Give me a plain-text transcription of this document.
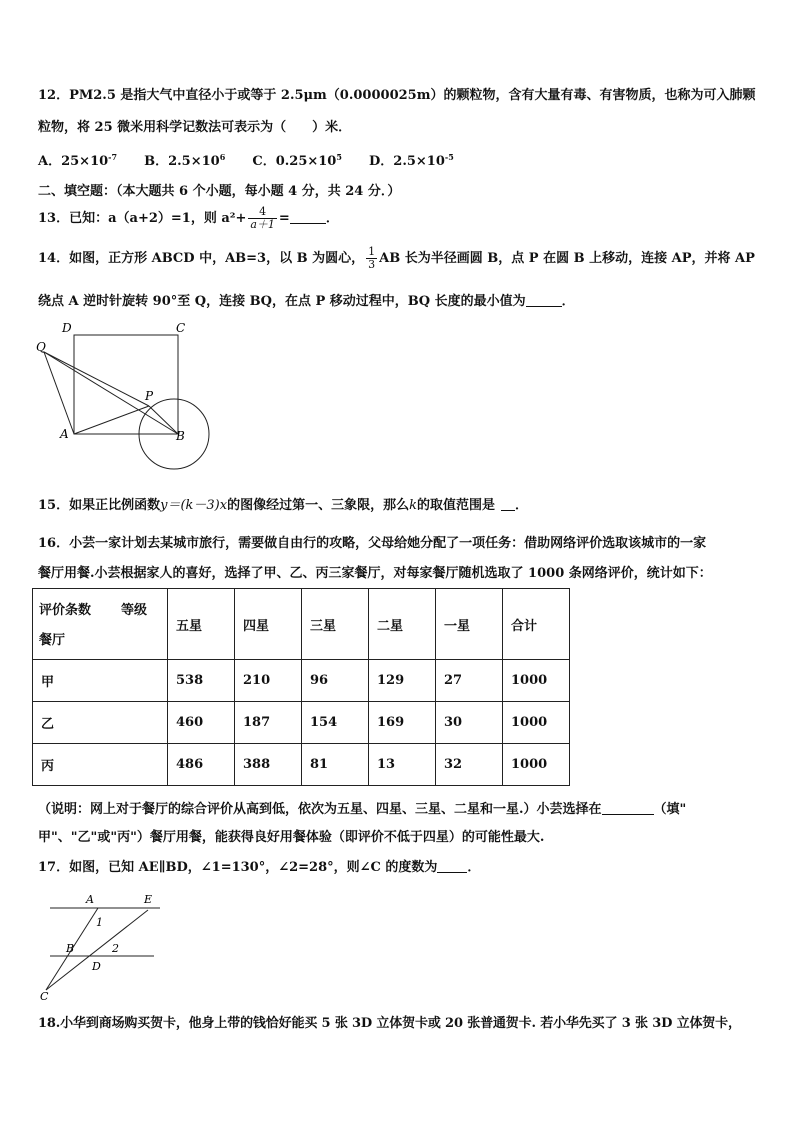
12．PM2.5 是指大气中直径小于或等于 2.5μm（0.0000025m）的颗粒物，含有大量有毒、有害物质，也称为可入肺颗
粒物，将 25 微米用科学记数法可表示为（　　）米．
A．$25\times 10^{-7}$ B．$2.5\times 10^6$ C．$0.25\times 10^5$ D．$2.5\times 10^{-5}$
二、填空题：（本大题共 6 个小题，每小题 4 分，共 24 分．）
13．已知：a（a+2）=1，则 $a^2+ \frac{4}{a+1}$ =	．
14．如图，正方形 ABCD 中，AB=3，以 B 为圆心， $\frac{1}{3}$ AB 长为半径画圆 B，点 P 在圆 B 上移动，连接 AP，并将 AP
绕点 A 逆时针旋转 90°至 Q，连接 BQ，在点 P 移动过程中，BQ 长度的最小值为	．
D	C
Q
P
A	B
15．如果正比例函数y＝(k－3)x的图像经过第一、三象限，那么k的取值范围是 ．
16．小芸一家计划去某城市旅行，需要做自由行的攻略，父母给她分配了一项任务：借助网络评价选取该城市的一家
餐厅用餐.小芸根据家人的喜好，选择了甲、乙、丙三家餐厅，对每家餐厅随机选取了 1000 条网络评价，统计如下：
评价条数 等级
餐厅	五星	四星	三星	二星	一星	合计
甲	538	210	96	129	27	1000
乙	460	187	154	169	30	1000
丙	486	388	81	13	32	1000
（说明：网上对于餐厅的综合评价从高到低，依次为五星、四星、三星、二星和一星.）小芸选择在	（填"
甲"、"乙"或"丙"）餐厅用餐，能获得良好用餐体验（即评价不低于四星）的可能性最大.
17．如图，已知 AE∥BD，∠1=130°，∠2=28°，则∠C 的度数为 ．
A	E
1
B	2
D
C
18.小华到商场购买贺卡，他身上带的钱恰好能买 5 张 3D 立体贺卡或 20 张普通贺卡. 若小华先买了 3 张 3D 立体贺卡，
